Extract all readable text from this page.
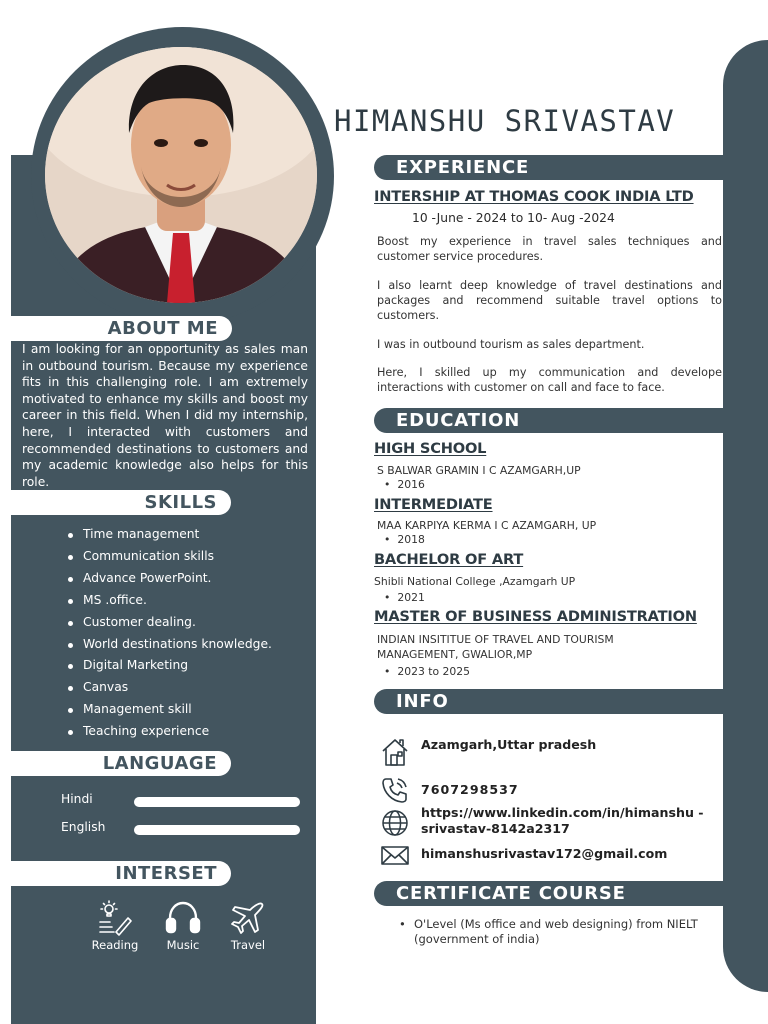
HIMANSHU SRIVASTAV
ABOUT ME

I am looking for an opportunity as sales man in outbound tourism. Because my experience fits in this challenging role. I am extremely motivated to enhance my skills and boost my career in this field. When I did my internship, here, I interacted with customers and recommended destinations to customers and my academic knowledge also helps for this role.

SKILLS
Time management
Communication skills
Advance PowerPoint.
MS .office.
Customer dealing.
World destinations knowledge.
Digital Marketing
Canvas
Management skill
Teaching experience
LANGUAGE
Hindi
English
INTERSET
Reading Music	Travel
EXPERIENCE
INTERSHIP AT THOMAS COOK INDIA LTD
10 -June - 2024 to 10- Aug -2024

Boost my experience in travel sales techniques and customer service procedures.

I also learnt deep knowledge of travel destinations and packages and recommend suitable travel options to customers.

I was in outbound tourism as sales department.

Here, I skilled up my communication and develope interactions with customer on call and face to face.

EDUCATION
HIGH SCHOOL
S BALWAR GRAMIN I C AZAMGARH,UP
• 2016
INTERMEDIATE
MAA KARPIYA KERMA I C AZAMGARH, UP
• 2018
BACHELOR OF ART
Shibli National College ,Azamgarh UP
• 2021
MASTER OF BUSINESS ADMINISTRATION
INDIAN INSITITUE OF TRAVEL AND TOURISM MANAGEMENT, GWALIOR,MP
• 2023 to 2025
INFO
Azamgarh,Uttar pradesh
7607298537
https://www.linkedin.com/in/himanshu -srivastav-8142a2317
himanshusrivastav172@gmail.com
CERTIFICATE COURSE
• O'Level (Ms office and web designing) from NIELT (government of india)
